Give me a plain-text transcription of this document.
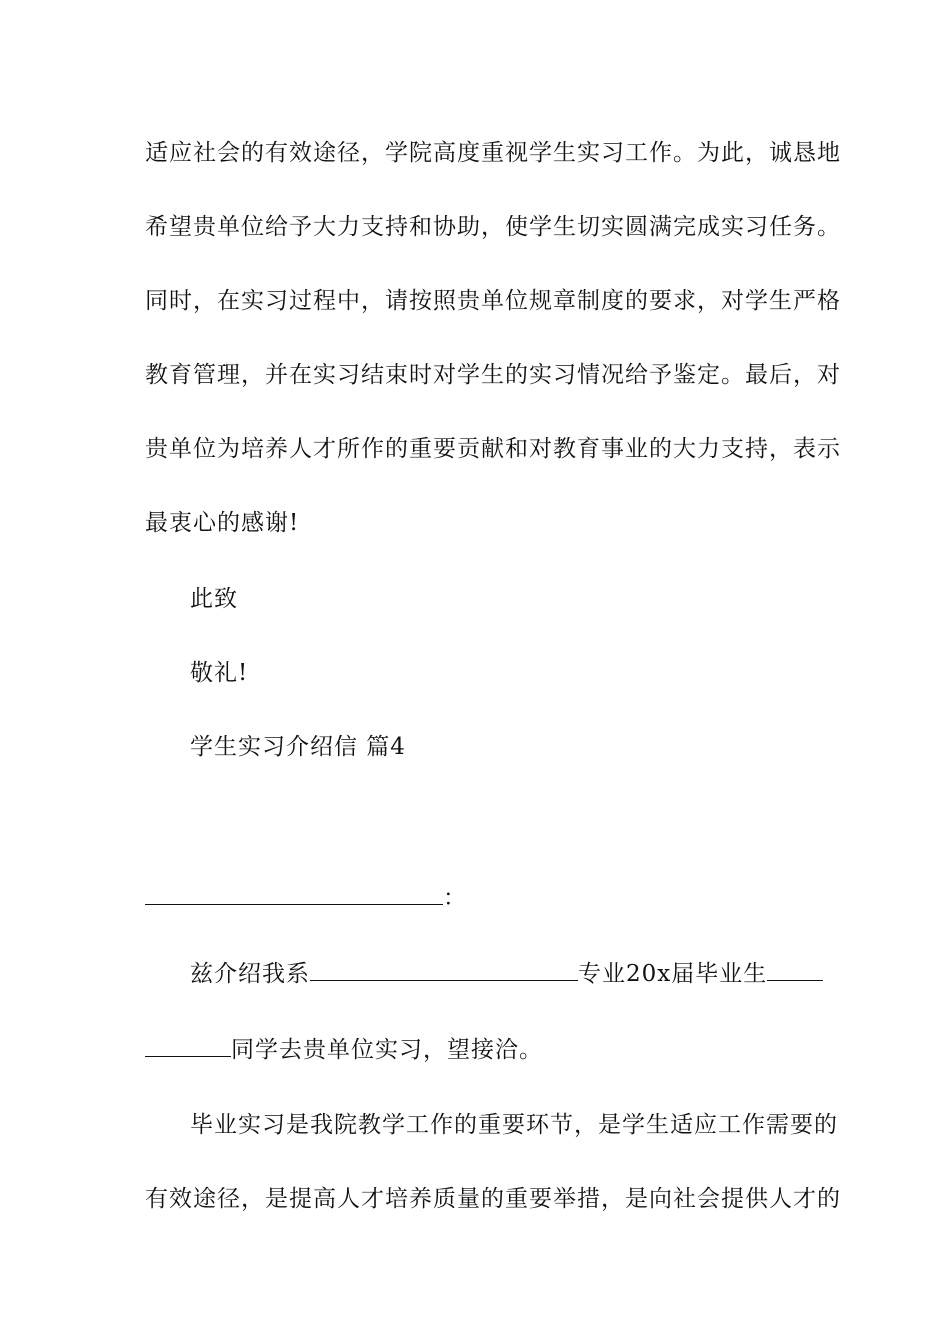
适应社会的有效途径，学院高度重视学生实习工作。为此，诚恳地
希望贵单位给予大力支持和协助，使学生切实圆满完成实习任务。
同时，在实习过程中，请按照贵单位规章制度的要求，对学生严格
教育管理，并在实习结束时对学生的实习情况给予鉴定。最后，对
贵单位为培养人才所作的重要贡献和对教育事业的大力支持，表示
最衷心的感谢!
此致
敬礼!
学生实习介绍信 篇4
：
兹介绍我系	专业20x届毕业生
同学去贵单位实习，望接洽。
毕业实习是我院教学工作的重要环节，是学生适应工作需要的
有效途径，是提高人才培养质量的重要举措，是向社会提供人才的
